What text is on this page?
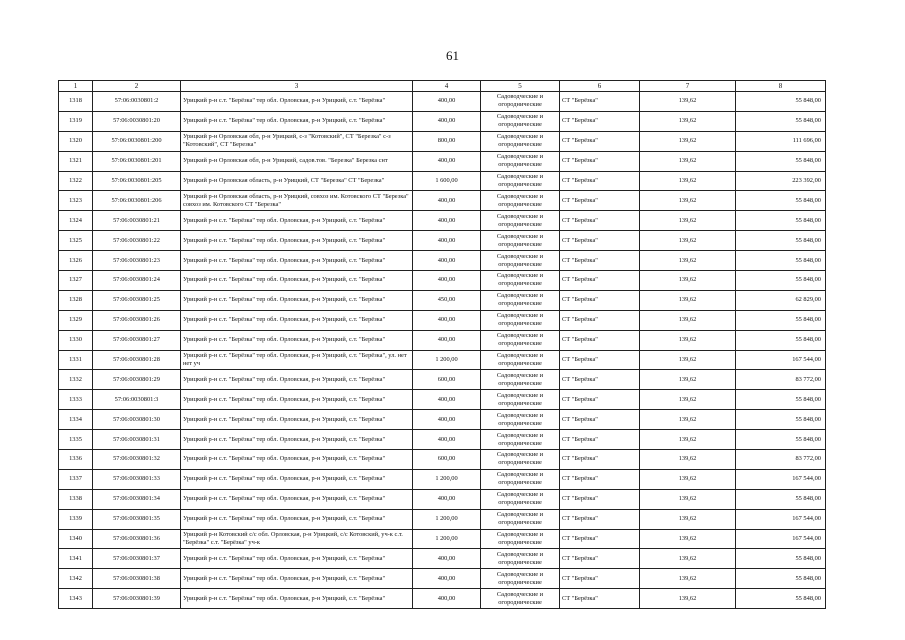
61
1	2	3	4	5	6	7	8
1318	57:06:0030801:2	Урицкий р-н с.т. "Берёзка" тер обл. Орловская, р-н Урицкий, с.т. "Берёзка"	400,00	Садоводческие и огороднические	СТ "Берёзка"	139,62	55 848,00
1319	57:06:0030801:20	Урицкий р-н с.т. "Берёзка" тер обл. Орловская, р-н Урицкий, с.т. "Берёзка"	400,00	Садоводческие и огороднические	СТ "Берёзка"	139,62	55 848,00
1320	57:06:0030801:200	Урицкий р-н Орловская обл, р-н Урицкий, с-з "Котовский", СТ "Березка" с-з "Котовский", СТ "Березка"	800,00	Садоводческие и огороднические	СТ "Берёзка"	139,62	111 696,00
1321	57:06:0030801:201	Урицкий р-н Орловская обл, р-н Урицкий, садов.тов. "Березка" Березка снт	400,00	Садоводческие и огороднические	СТ "Берёзка"	139,62	55 848,00
1322	57:06:0030801:205	Урицкий р-н Орловская область, р-н Урицкий, СТ "Березка" СТ "Березка"	1 600,00	Садоводческие и огороднические	СТ "Берёзка"	139,62	223 392,00
1323	57:06:0030801:206	Урицкий р-н Орловская область, р-н Урицкий, совхоз им. Котовского СТ "Березка" совхоз им. Котовского СТ "Березка"	400,00	Садоводческие и огороднические	СТ "Берёзка"	139,62	55 848,00
1324	57:06:0030801:21	Урицкий р-н с.т. "Берёзка" тер обл. Орловская, р-н Урицкий, с.т. "Берёзка"	400,00	Садоводческие и огороднические	СТ "Берёзка"	139,62	55 848,00
1325	57:06:0030801:22	Урицкий р-н с.т. "Берёзка" тер обл. Орловская, р-н Урицкий, с.т. "Берёзка"	400,00	Садоводческие и огороднические	СТ "Берёзка"	139,62	55 848,00
1326	57:06:0030801:23	Урицкий р-н с.т. "Берёзка" тер обл. Орловская, р-н Урицкий, с.т. "Берёзка"	400,00	Садоводческие и огороднические	СТ "Берёзка"	139,62	55 848,00
1327	57:06:0030801:24	Урицкий р-н с.т. "Берёзка" тер обл. Орловская, р-н Урицкий, с.т. "Берёзка"	400,00	Садоводческие и огороднические	СТ "Берёзка"	139,62	55 848,00
1328	57:06:0030801:25	Урицкий р-н с.т. "Берёзка" тер обл. Орловская, р-н Урицкий, с.т. "Берёзка"	450,00	Садоводческие и огороднические	СТ "Берёзка"	139,62	62 829,00
1329	57:06:0030801:26	Урицкий р-н с.т. "Берёзка" тер обл. Орловская, р-н Урицкий, с.т. "Берёзка"	400,00	Садоводческие и огороднические	СТ "Берёзка"	139,62	55 848,00
1330	57:06:0030801:27	Урицкий р-н с.т. "Берёзка" тер обл. Орловская, р-н Урицкий, с.т. "Берёзка"	400,00	Садоводческие и огороднические	СТ "Берёзка"	139,62	55 848,00
1331	57:06:0030801:28	Урицкий р-н с.т. "Берёзка" тер обл. Орловская, р-н Урицкий, с.т. "Берёзка", ул. нет нет уч	1 200,00	Садоводческие и огороднические	СТ "Берёзка"	139,62	167 544,00
1332	57:06:0030801:29	Урицкий р-н с.т. "Берёзка" тер обл. Орловская, р-н Урицкий, с.т. "Берёзка"	600,00	Садоводческие и огороднические	СТ "Берёзка"	139,62	83 772,00
1333	57:06:0030801:3	Урицкий р-н с.т. "Берёзка" тер обл. Орловская, р-н Урицкий, с.т. "Берёзка"	400,00	Садоводческие и огороднические	СТ "Берёзка"	139,62	55 848,00
1334	57:06:0030801:30	Урицкий р-н с.т. "Берёзка" тер обл. Орловская, р-н Урицкий, с.т. "Берёзка"	400,00	Садоводческие и огороднические	СТ "Берёзка"	139,62	55 848,00
1335	57:06:0030801:31	Урицкий р-н с.т. "Берёзка" тер обл. Орловская, р-н Урицкий, с.т. "Берёзка"	400,00	Садоводческие и огороднические	СТ "Берёзка"	139,62	55 848,00
1336	57:06:0030801:32	Урицкий р-н с.т. "Берёзка" тер обл. Орловская, р-н Урицкий, с.т. "Берёзка"	600,00	Садоводческие и огороднические	СТ "Берёзка"	139,62	83 772,00
1337	57:06:0030801:33	Урицкий р-н с.т. "Берёзка" тер обл. Орловская, р-н Урицкий, с.т. "Берёзка"	1 200,00	Садоводческие и огороднические	СТ "Берёзка"	139,62	167 544,00
1338	57:06:0030801:34	Урицкий р-н с.т. "Берёзка" тер обл. Орловская, р-н Урицкий, с.т. "Берёзка"	400,00	Садоводческие и огороднические	СТ "Берёзка"	139,62	55 848,00
1339	57:06:0030801:35	Урицкий р-н с.т. "Берёзка" тер обл. Орловская, р-н Урицкий, с.т. "Берёзка"	1 200,00	Садоводческие и огороднические	СТ "Берёзка"	139,62	167 544,00
1340	57:06:0030801:36	Урицкий р-н Котовский с/с обл. Орловская, р-н Урицкий, с/с Котовский, уч-к с.т. "Берёзка" с.т. "Берёзка" уч-к	1 200,00	Садоводческие и огороднические	СТ "Берёзка"	139,62	167 544,00
1341	57:06:0030801:37	Урицкий р-н с.т. "Берёзка" тер обл. Орловская, р-н Урицкий, с.т. "Берёзка"	400,00	Садоводческие и огороднические	СТ "Берёзка"	139,62	55 848,00
1342	57:06:0030801:38	Урицкий р-н с.т. "Берёзка" тер обл. Орловская, р-н Урицкий, с.т. "Берёзка"	400,00	Садоводческие и огороднические	СТ "Берёзка"	139,62	55 848,00
1343	57:06:0030801:39	Урицкий р-н с.т. "Берёзка" тер обл. Орловская, р-н Урицкий, с.т. "Берёзка"	400,00	Садоводческие и огороднические	СТ "Берёзка"	139,62	55 848,00
